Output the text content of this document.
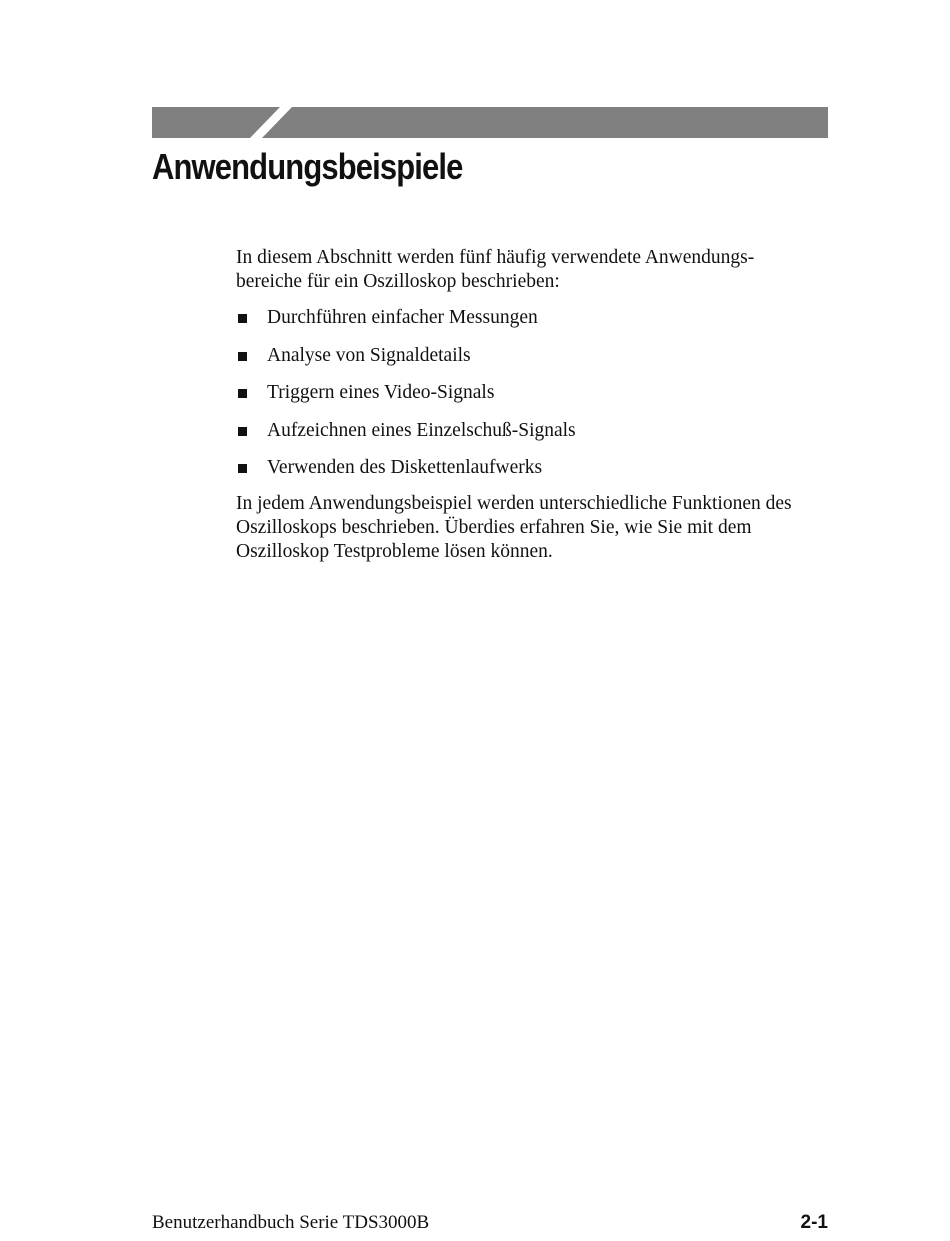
Anwendungsbeispiele

In diesem Abschnitt werden fünf häufig verwendete Anwendungs- bereiche für ein Oszilloskop beschrieben:

Durchführen einfacher Messungen
Analyse von Signaldetails
Triggern eines Video-Signals
Aufzeichnen eines Einzelschuß-Signals
Verwenden des Diskettenlaufwerks

In jedem Anwendungsbeispiel werden unterschiedliche Funktionen des Oszilloskops beschrieben. Überdies erfahren Sie, wie Sie mit dem Oszilloskop Testprobleme lösen können.

Benutzerhandbuch Serie TDS3000B	2-1
